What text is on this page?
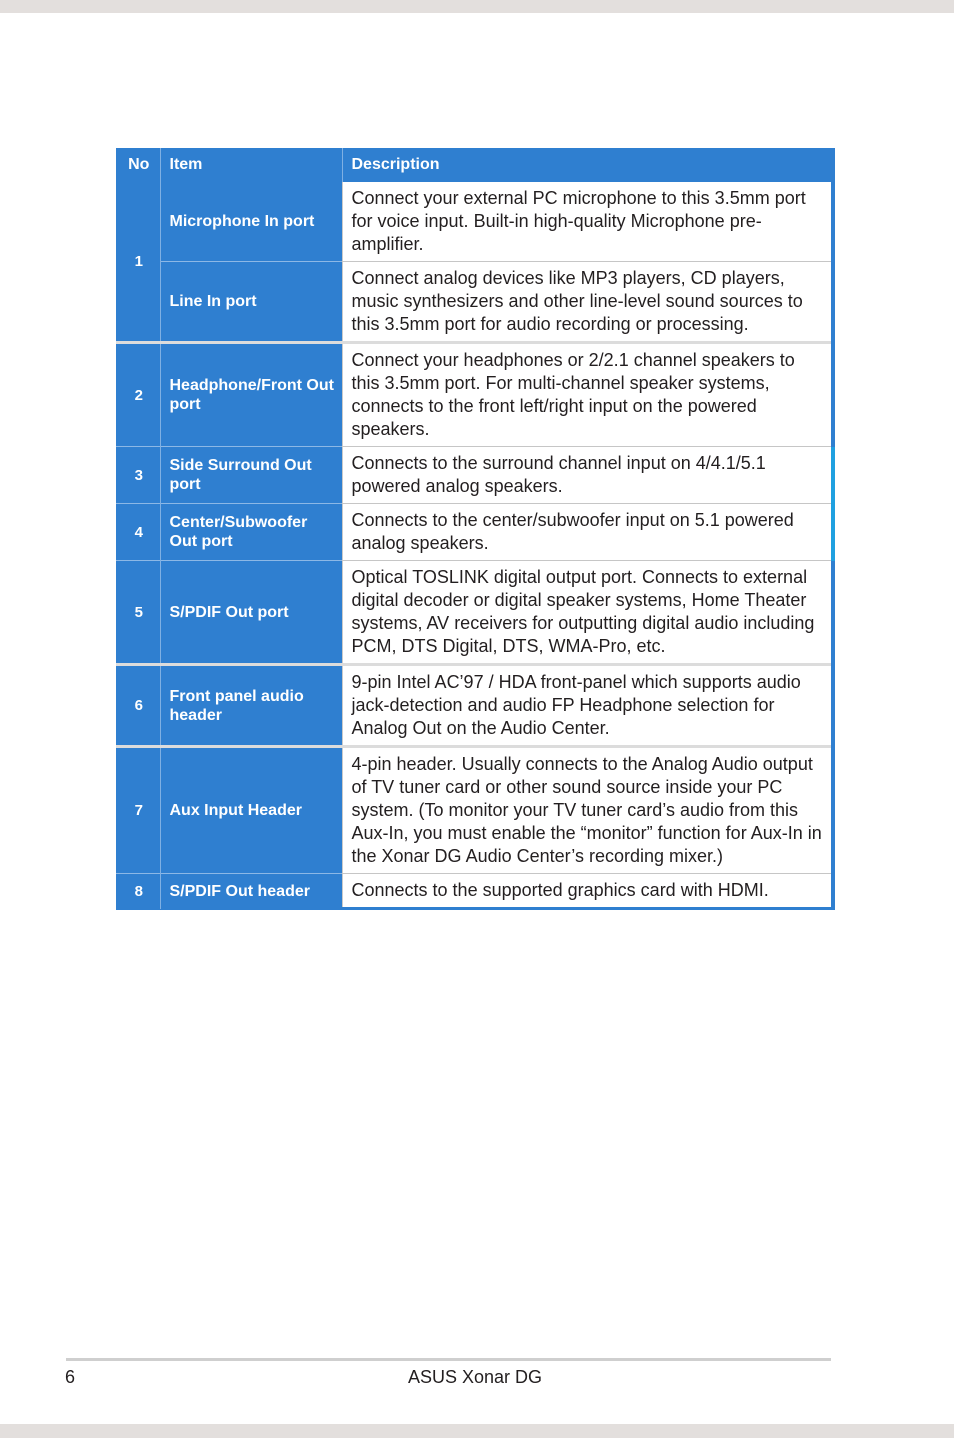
No	Item	Description
1	Microphone In port	Connect your external PC microphone to this 3.5mm port for voice input. Built-in high-quality Microphone pre-amplifier.
	Line In port	Connect analog devices like MP3 players, CD players, music synthesizers and other line-level sound sources to this 3.5mm port for audio recording or processing.
2	Headphone/Front Out port	Connect your headphones or 2/2.1 channel speakers to this 3.5mm port. For multi-channel speaker systems, connects to the front left/right input on the powered speakers.
3	Side Surround Out port	Connects to the surround channel input on 4/4.1/5.1 powered analog speakers.
4	Center/Subwoofer Out port	Connects to the center/subwoofer input on 5.1 powered analog speakers.
5	S/PDIF Out port	Optical TOSLINK digital output port. Connects to external digital decoder or digital speaker systems, Home Theater systems, AV receivers for outputting digital audio including PCM, DTS Digital, DTS, WMA-Pro, etc.
6	Front panel audio header	9-pin Intel AC’97 / HDA front-panel which supports audio jack-detection and audio FP Headphone selection for Analog Out on the Audio Center.
7	Aux Input Header	4-pin header. Usually connects to the Analog Audio output of TV tuner card or other sound source inside your PC system. (To monitor your TV tuner card’s audio from this Aux-In, you must enable the “monitor” function for Aux-In in the Xonar DG Audio Center’s recording mixer.)
8	S/PDIF Out header	Connects to the supported graphics card with HDMI.
6	ASUS Xonar DG
